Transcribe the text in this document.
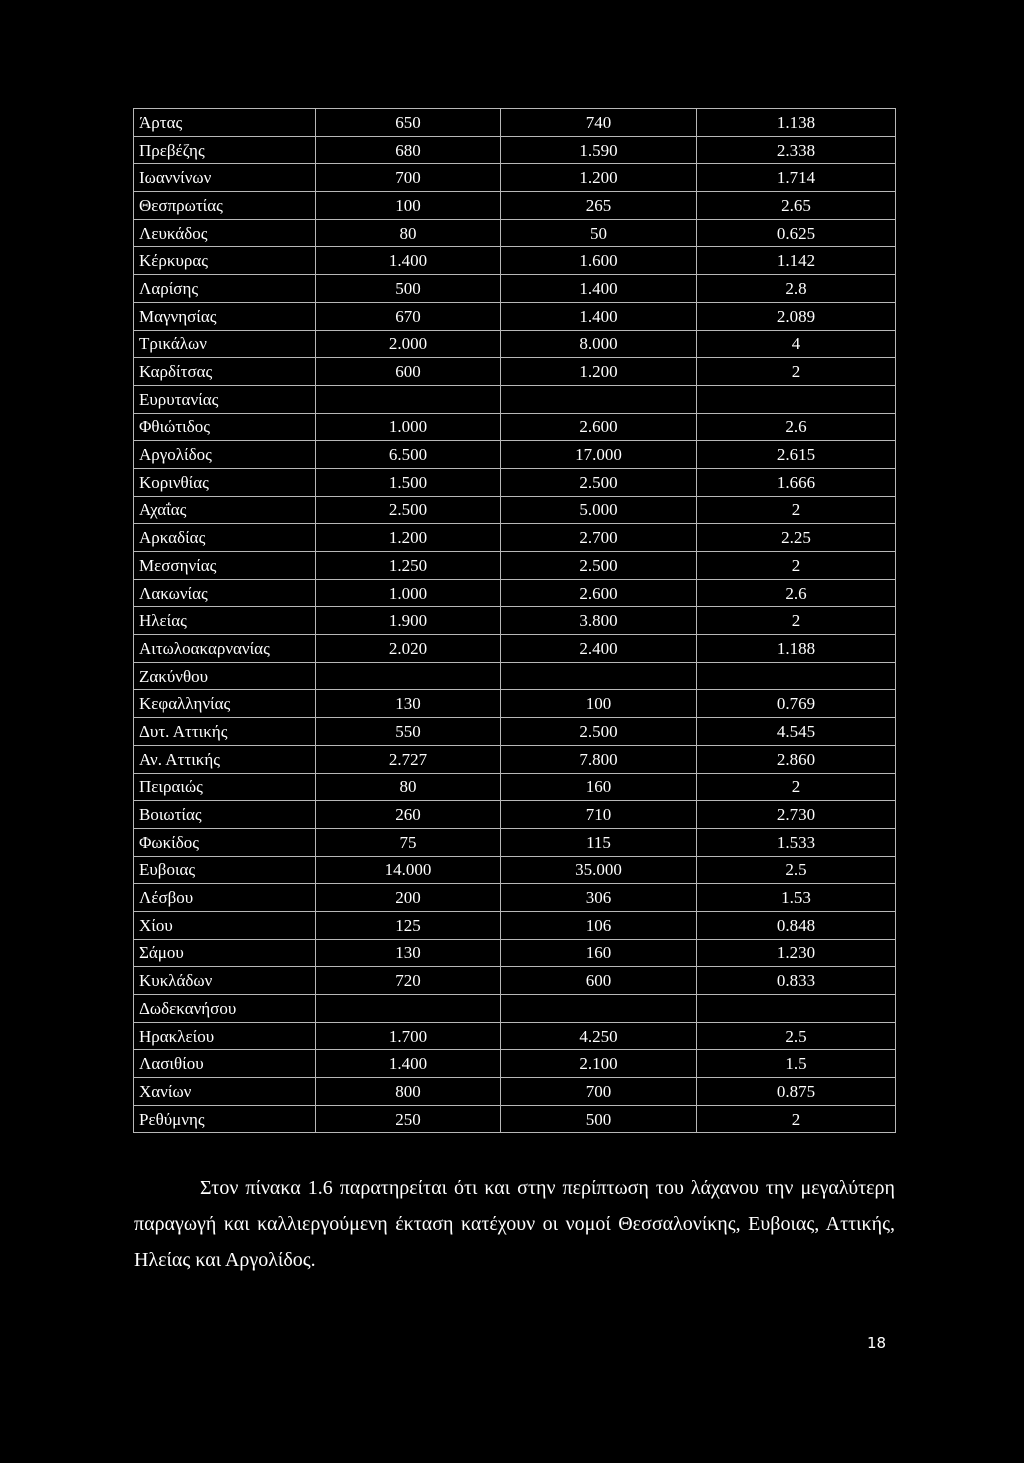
Άρτας	650	740	1.138
Πρεβέζης	680	1.590	2.338
Ιωαννίνων	700	1.200	1.714
Θεσπρωτίας	100	265	2.65
Λευκάδος	80	50	0.625
Κέρκυρας	1.400	1.600	1.142
Λαρίσης	500	1.400	2.8
Μαγνησίας	670	1.400	2.089
Τρικάλων	2.000	8.000	4
Καρδίτσας	600	1.200	2
Ευρυτανίας			
Φθιώτιδος	1.000	2.600	2.6
Αργολίδος	6.500	17.000	2.615
Κορινθίας	1.500	2.500	1.666
Αχαΐας	2.500	5.000	2
Αρκαδίας	1.200	2.700	2.25
Μεσσηνίας	1.250	2.500	2
Λακωνίας	1.000	2.600	2.6
Ηλείας	1.900	3.800	2
Αιτωλοακαρνανίας	2.020	2.400	1.188
Ζακύνθου			
Κεφαλληνίας	130	100	0.769
Δυτ. Αττικής	550	2.500	4.545
Αν. Αττικής	2.727	7.800	2.860
Πειραιώς	80	160	2
Βοιωτίας	260	710	2.730
Φωκίδος	75	115	1.533
Ευβοιας	14.000	35.000	2.5
Λέσβου	200	306	1.53
Χίου	125	106	0.848
Σάμου	130	160	1.230
Κυκλάδων	720	600	0.833
Δωδεκανήσου			
Ηρακλείου	1.700	4.250	2.5
Λασιθίου	1.400	2.100	1.5
Χανίων	800	700	0.875
Ρεθύμνης	250	500	2

Στον πίνακα 1.6 παρατηρείται ότι και στην περίπτωση του λάχανου την μεγαλύτερη παραγωγή και καλλιεργούμενη έκταση κατέχουν οι νομοί Θεσσαλονίκης, Ευβοιας, Αττικής, Ηλείας και Αργολίδος.

18
